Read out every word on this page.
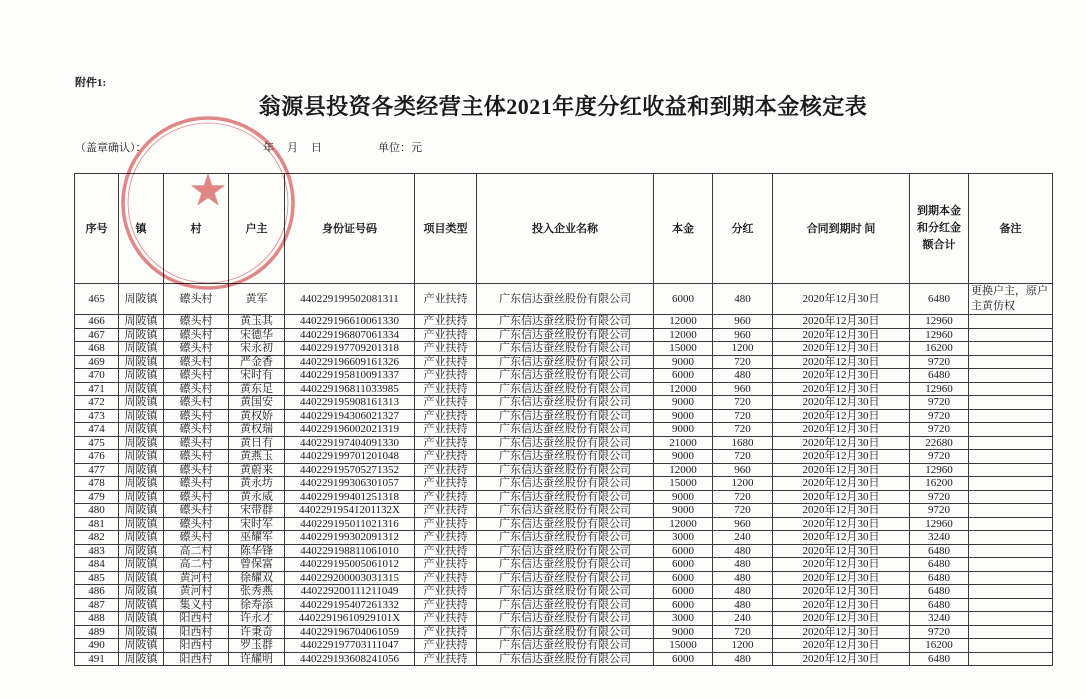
附件1:
翁源县投资各类经营主体2021年度分红收益和到期本金核定表
（盖章确认）：	年 月 日	单位：元
序号	镇	村	户主	身份证号码	项目类型	投入企业名称	本金	分红	合同到期时 间	到期本金和分红金额合计	备注
465	周陂镇	礤头村	黄军	440229199502081311	产业扶持	广东信达蚕丝股份有限公司	6000	480	2020年12月30日	6480	更换户主，原户主黄仿权
466	周陂镇	礤头村	黄玉其	440229196610061330	产业扶持	广东信达蚕丝股份有限公司	12000	960	2020年12月30日	12960	
467	周陂镇	礤头村	宋德华	440229196807061334	产业扶持	广东信达蚕丝股份有限公司	12000	960	2020年12月30日	12960	
468	周陂镇	礤头村	宋永初	440229197709201318	产业扶持	广东信达蚕丝股份有限公司	15000	1200	2020年12月30日	16200	
469	周陂镇	礤头村	严金香	440229196609161326	产业扶持	广东信达蚕丝股份有限公司	9000	720	2020年12月30日	9720	
470	周陂镇	礤头村	宋时有	440229195810091337	产业扶持	广东信达蚕丝股份有限公司	6000	480	2020年12月30日	6480	
471	周陂镇	礤头村	黄东足	440229196811033985	产业扶持	广东信达蚕丝股份有限公司	12000	960	2020年12月30日	12960	
472	周陂镇	礤头村	黄国安	440229195908161313	产业扶持	广东信达蚕丝股份有限公司	9000	720	2020年12月30日	9720	
473	周陂镇	礤头村	黄权娇	440229194306021327	产业扶持	广东信达蚕丝股份有限公司	9000	720	2020年12月30日	9720	
474	周陂镇	礤头村	黄权瑞	440229196002021319	产业扶持	广东信达蚕丝股份有限公司	9000	720	2020年12月30日	9720	
475	周陂镇	礤头村	黄日有	440229197404091330	产业扶持	广东信达蚕丝股份有限公司	21000	1680	2020年12月30日	22680	
476	周陂镇	礤头村	黄燕玉	440229199701201048	产业扶持	广东信达蚕丝股份有限公司	9000	720	2020年12月30日	9720	
477	周陂镇	礤头村	黄蔚来	440229195705271352	产业扶持	广东信达蚕丝股份有限公司	12000	960	2020年12月30日	12960	
478	周陂镇	礤头村	黄永坊	440229199306301057	产业扶持	广东信达蚕丝股份有限公司	15000	1200	2020年12月30日	16200	
479	周陂镇	礤头村	黄永威	440229199401251318	产业扶持	广东信达蚕丝股份有限公司	9000	720	2020年12月30日	9720	
480	周陂镇	礤头村	宋带群	44022919541201132X	产业扶持	广东信达蚕丝股份有限公司	9000	720	2020年12月30日	9720	
481	周陂镇	礤头村	宋时军	440229195011021316	产业扶持	广东信达蚕丝股份有限公司	12000	960	2020年12月30日	12960	
482	周陂镇	礤头村	巫耀军	440229199302091312	产业扶持	广东信达蚕丝股份有限公司	3000	240	2020年12月30日	3240	
483	周陂镇	高二村	陈华锋	440229198811061010	产业扶持	广东信达蚕丝股份有限公司	6000	480	2020年12月30日	6480	
484	周陂镇	高二村	曾保富	440229195005061012	产业扶持	广东信达蚕丝股份有限公司	6000	480	2020年12月30日	6480	
485	周陂镇	黄河村	徐耀双	440229200003031315	产业扶持	广东信达蚕丝股份有限公司	6000	480	2020年12月30日	6480	
486	周陂镇	黄河村	张秀燕	440229200111211049	产业扶持	广东信达蚕丝股份有限公司	6000	480	2020年12月30日	6480	
487	周陂镇	集义村	徐寿添	440229195407261332	产业扶持	广东信达蚕丝股份有限公司	6000	480	2020年12月30日	6480	
488	周陂镇	阳西村	许永才	44022919610929101X	产业扶持	广东信达蚕丝股份有限公司	3000	240	2020年12月30日	3240	
489	周陂镇	阳西村	许秉奇	440229196704061059	产业扶持	广东信达蚕丝股份有限公司	9000	720	2020年12月30日	9720	
490	周陂镇	阳西村	罗玉群	440229197703111047	产业扶持	广东信达蚕丝股份有限公司	15000	1200	2020年12月30日	16200	
491	周陂镇	阳西村	许耀明	440229193608241056	产业扶持	广东信达蚕丝股份有限公司	6000	480	2020年12月30日	6480	
